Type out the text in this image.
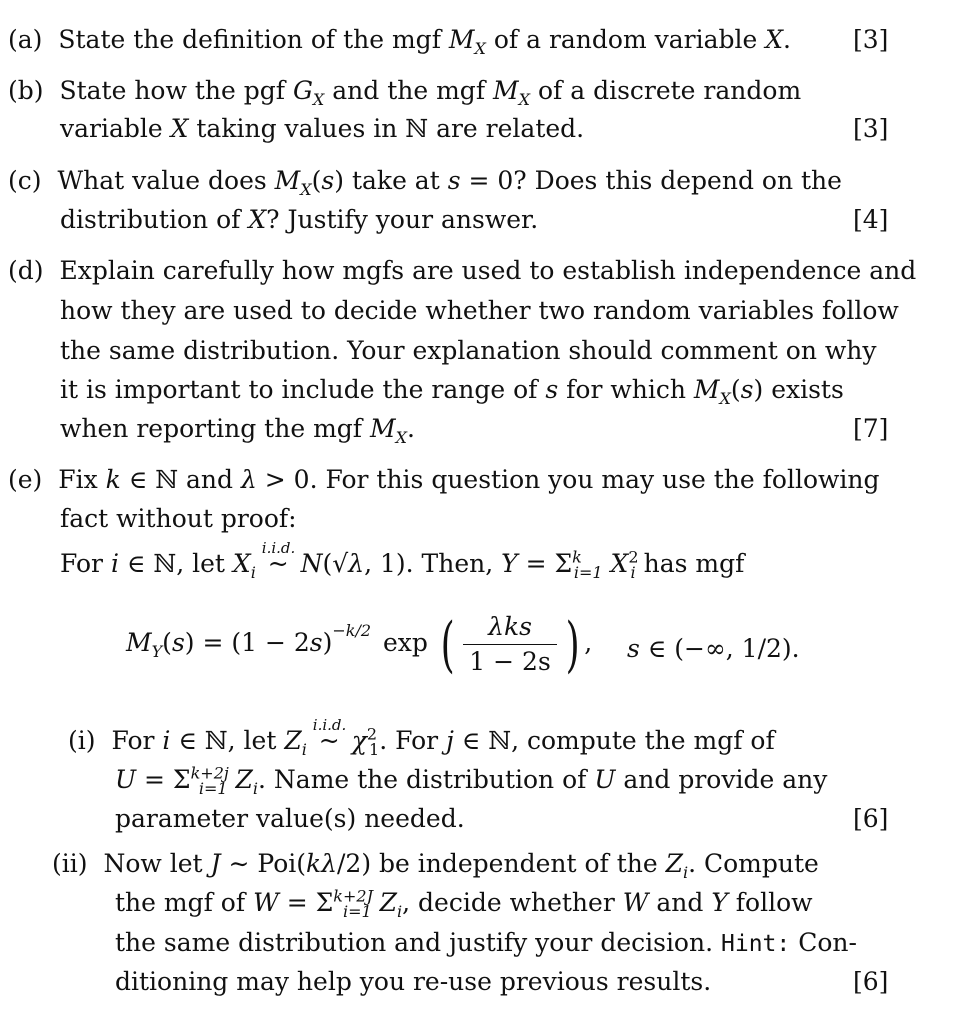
(a) State the definition of the mgf $M_X$ of a random variable X. [3]
(b) State how the pgf $G_X$ and the mgf $M_X$ of a discrete random
variable X taking values in ℕ are related.	[3]
(c) What value does $M_X(s)$ take at s = 0? Does this depend on the
distribution of X? Justify your answer.	[4]
(d) Explain carefully how mgfs are used to establish independence and
how they are used to decide whether two random variables follow
the same distribution. Your explanation should comment on why
it is important to include the range of s for which $M_X(s)$ exists
when reporting the mgf $M_X$.	[7]
(e) Fix k ∈ ℕ and λ > 0. For this question you may use the following
fact without proof:
For i ∈ ℕ, let $X_i$
i.i.d.
~ N(√λ, 1). Then, $Y = \Sigma^k_{i=1}$ $X^2_i$ has mgf
$M_Y(s) = (1 - 2s)^{-k/2}$ exp ( $\frac{\text{λks}}{1 - 2s}$ ) , s ∈ (−∞, 1/2).
(i) For i ∈ ℕ, let $Z_i$
i.i.d.
~ $\chi^2_1$. For j ∈ ℕ, compute the mgf of
$U = \Sigma^{k+2j}_{i=1}$ $Z_i$. Name the distribution of U and provide any
parameter value(s) needed.	[6]
(ii) Now let J ∼ Poi(kλ/2) be independent of the $Z_i$. Compute
the mgf of $W = \Sigma^{k+2J}_{i=1}$ $Z_i$, decide whether W and Y follow
the same distribution and justify your decision. Hint: Con-
ditioning may help you re-use previous results.	[6]
